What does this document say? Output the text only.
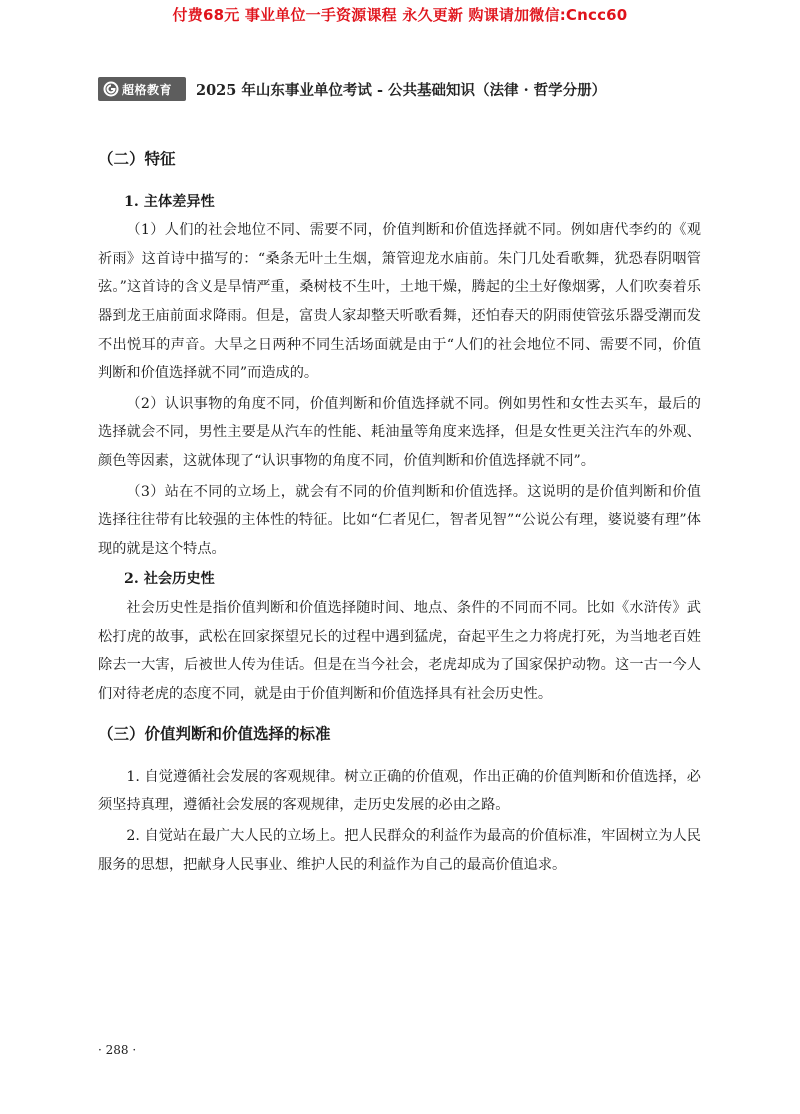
付费68元 事业单位一手资源课程 永久更新 购课请加微信:Cncc60
超格教育 2025 年山东事业单位考试 - 公共基础知识（法律 · 哲学分册）
（二）特征
1. 主体差异性

（1）人们的社会地位不同、需要不同，价值判断和价值选择就不同。例如唐代李约的《观祈雨》这首诗中描写的：“桑条无叶土生烟，箫管迎龙水庙前。朱门几处看歌舞，犹恐春阴咽管弦。”这首诗的含义是旱情严重，桑树枝不生叶，土地干燥，腾起的尘土好像烟雾，人们吹奏着乐器到龙王庙前面求降雨。但是，富贵人家却整天听歌看舞，还怕春天的阴雨使管弦乐器受潮而发不出悦耳的声音。大旱之日两种不同生活场面就是由于“人们的社会地位不同、需要不同，价值判断和价值选择就不同”而造成的。

（2）认识事物的角度不同，价值判断和价值选择就不同。例如男性和女性去买车，最后的选择就会不同，男性主要是从汽车的性能、耗油量等角度来选择，但是女性更关注汽车的外观、颜色等因素，这就体现了“认识事物的角度不同，价值判断和价值选择就不同”。

（3）站在不同的立场上，就会有不同的价值判断和价值选择。这说明的是价值判断和价值选择往往带有比较强的主体性的特征。比如“仁者见仁，智者见智”“公说公有理，婆说婆有理”体现的就是这个特点。

2. 社会历史性

社会历史性是指价值判断和价值选择随时间、地点、条件的不同而不同。比如《水浒传》武松打虎的故事，武松在回家探望兄长的过程中遇到猛虎，奋起平生之力将虎打死，为当地老百姓除去一大害，后被世人传为佳话。但是在当今社会，老虎却成为了国家保护动物。这一古一今人们对待老虎的态度不同，就是由于价值判断和价值选择具有社会历史性。

（三）价值判断和价值选择的标准

1. 自觉遵循社会发展的客观规律。树立正确的价值观，作出正确的价值判断和价值选择，必须坚持真理，遵循社会发展的客观规律，走历史发展的必由之路。

2. 自觉站在最广大人民的立场上。把人民群众的利益作为最高的价值标准，牢固树立为人民服务的思想，把献身人民事业、维护人民的利益作为自己的最高价值追求。

· 288 ·
